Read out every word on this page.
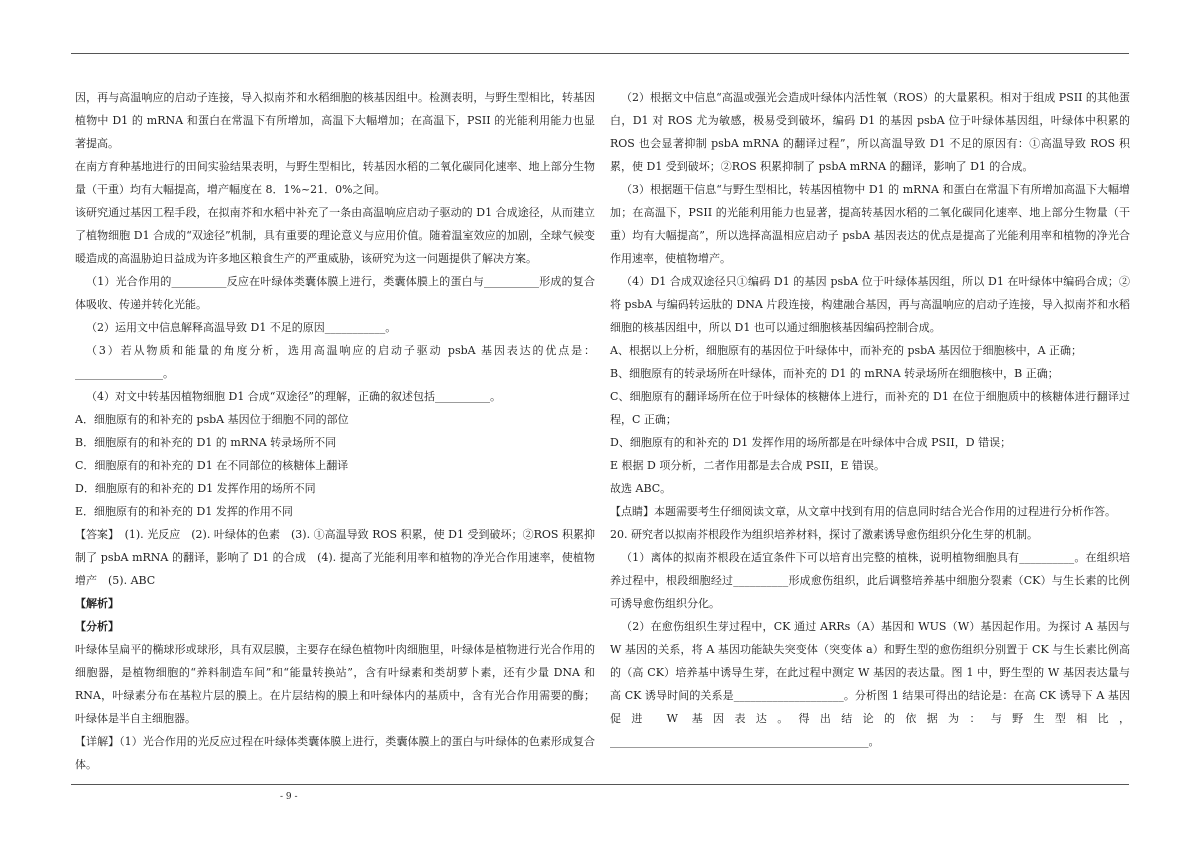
因，再与高温响应的启动子连接，导入拟南芥和水稻细胞的核基因组中。检测表明，与野生型相比，转基因植物中 D1 的 mRNA 和蛋白在常温下有所增加，高温下大幅增加；在高温下，PSII 的光能利用能力也显著提高。

在南方育种基地进行的田间实验结果表明，与野生型相比，转基因水稻的二氧化碳同化速率、地上部分生物量（干重）均有大幅提高，增产幅度在 8．1%~21．0%之间。

该研究通过基因工程手段，在拟南芥和水稻中补充了一条由高温响应启动子驱动的 D1 合成途径，从而建立了植物细胞 D1 合成的“双途径”机制，具有重要的理论意义与应用价值。随着温室效应的加剧，全球气候变暖造成的高温胁迫日益成为许多地区粮食生产的严重威胁，该研究为这一问题提供了解决方案。

（1）光合作用的__________反应在叶绿体类囊体膜上进行，类囊体膜上的蛋白与__________形成的复合体吸收、传递并转化光能。

（2）运用文中信息解释高温导致 D1 不足的原因___________。

（3）若从物质和能量的角度分析，选用高温响应的启动子驱动 psbA 基因表达的优点是：________________。

（4）对文中转基因植物细胞 D1 合成“双途径”的理解，正确的叙述包括__________。

A．细胞原有的和补充的 psbA 基因位于细胞不同的部位

B．细胞原有的和补充的 D1 的 mRNA 转录场所不同

C．细胞原有的和补充的 D1 在不同部位的核糖体上翻译

D．细胞原有的和补充的 D1 发挥作用的场所不同

E．细胞原有的和补充的 D1 发挥的作用不同

【答案】　(1). 光反应　(2). 叶绿体的色素　(3). ①高温导致 ROS 积累，使 D1 受到破坏；②ROS 积累抑制了 psbA mRNA 的翻译，影响了 D1 的合成　(4). 提高了光能利用率和植物的净光合作用速率，使植物增产　(5). ABC

【解析】

【分析】

叶绿体呈扁平的椭球形或球形，具有双层膜，主要存在绿色植物叶肉细胞里，叶绿体是植物进行光合作用的细胞器，是植物细胞的“养料制造车间”和“能量转换站”，含有叶绿素和类胡萝卜素，还有少量 DNA 和 RNA，叶绿素分布在基粒片层的膜上。在片层结构的膜上和叶绿体内的基质中，含有光合作用需要的酶；叶绿体是半自主细胞器。

【详解】（1）光合作用的光反应过程在叶绿体类囊体膜上进行，类囊体膜上的蛋白与叶绿体的色素形成复合体。

（2）根据文中信息“高温或强光会造成叶绿体内活性氧（ROS）的大量累积。相对于组成 PSII 的其他蛋白，D1 对 ROS 尤为敏感，极易受到破坏，编码 D1 的基因 psbA 位于叶绿体基因组，叶绿体中积累的 ROS 也会显著抑制 psbA mRNA 的翻译过程”，所以高温导致 D1 不足的原因有：①高温导致 ROS 积累，使 D1 受到破坏；②ROS 积累抑制了 psbA mRNA 的翻译，影响了 D1 的合成。

（3）根据题干信息“与野生型相比，转基因植物中 D1 的 mRNA 和蛋白在常温下有所增加高温下大幅增加；在高温下，PSII 的光能利用能力也显著，提高转基因水稻的二氧化碳同化速率、地上部分生物量（干重）均有大幅提高”，所以选择高温相应启动子 psbA 基因表达的优点是提高了光能利用率和植物的净光合作用速率，使植物增产。

（4）D1 合成双途径只①编码 D1 的基因 psbA 位于叶绿体基因组，所以 D1 在叶绿体中编码合成；②将 psbA 与编码转运肽的 DNA 片段连接，构建融合基因，再与高温响应的启动子连接，导入拟南芥和水稻细胞的核基因组中，所以 D1 也可以通过细胞核基因编码控制合成。

A、根据以上分析，细胞原有的基因位于叶绿体中，而补充的 psbA 基因位于细胞核中，A 正确；

B、细胞原有的转录场所在叶绿体，而补充的 D1 的 mRNA 转录场所在细胞核中，B 正确；

C、细胞原有的翻译场所在位于叶绿体的核糖体上进行，而补充的 D1 在位于细胞质中的核糖体进行翻译过程，C 正确；

D、细胞原有的和补充的 D1 发挥作用的场所都是在叶绿体中合成 PSII，D 错误；

E 根据 D 项分析，二者作用都是去合成 PSII，E 错误。

故选 ABC。

【点睛】本题需要考生仔细阅读文章，从文章中找到有用的信息同时结合光合作用的过程进行分析作答。

20. 研究者以拟南芥根段作为组织培养材料，探讨了激素诱导愈伤组织分化生芽的机制。

（1）离体的拟南芥根段在适宜条件下可以培育出完整的植株，说明植物细胞具有__________。在组织培养过程中，根段细胞经过__________形成愈伤组织，此后调整培养基中细胞分裂素（CK）与生长素的比例可诱导愈伤组织分化。

（2）在愈伤组织生芽过程中，CK 通过 ARRs（A）基因和 WUS（W）基因起作用。为探讨 A 基因与 W 基因的关系，将 A 基因功能缺失突变体（突变体 a）和野生型的愈伤组织分别置于 CK 与生长素比例高的（高 CK）培养基中诱导生芽，在此过程中测定 W 基因的表达量。图 1 中，野生型的 W 基因表达量与高 CK 诱导时间的关系是____________________。分析图 1 结果可得出的结论是：在高 CK 诱导下 A 基因促进 W 基因表达。得出结论的依据为：与野生型相比，_______________________________________________。

- 9 -
